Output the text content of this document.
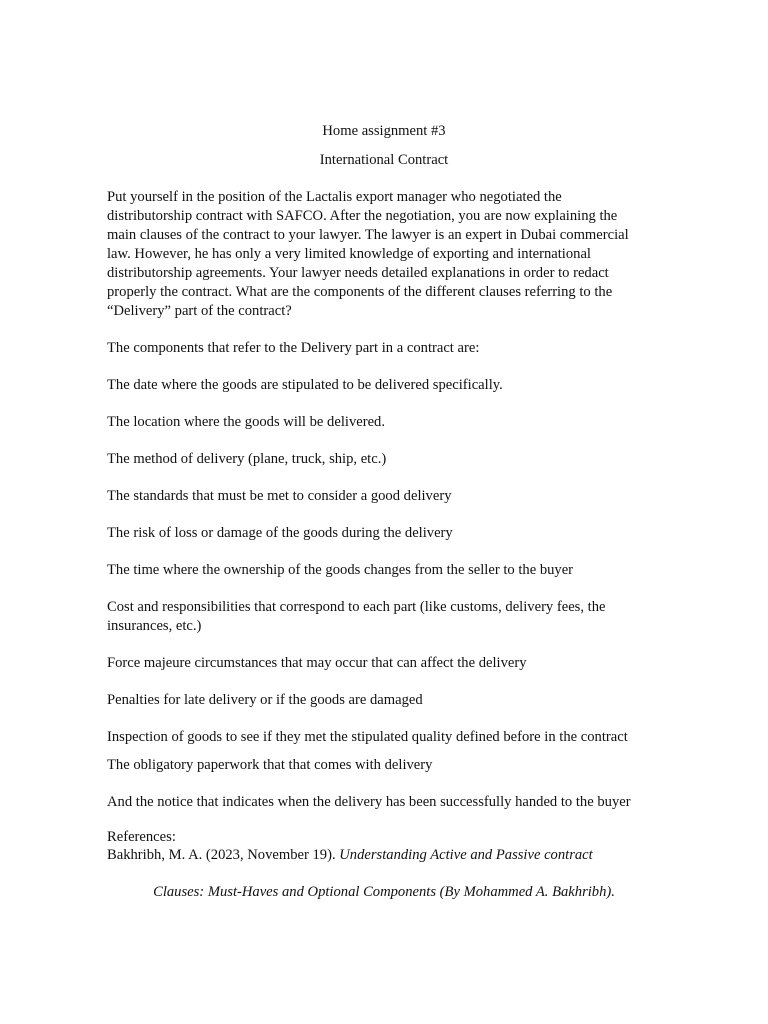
Home assignment #3
International Contract
Put yourself in the position of the Lactalis export manager who negotiated the
distributorship contract with SAFCO. After the negotiation, you are now explaining the
main clauses of the contract to your lawyer. The lawyer is an expert in Dubai commercial
law. However, he has only a very limited knowledge of exporting and international
distributorship agreements. Your lawyer needs detailed explanations in order to redact
properly the contract. What are the components of the different clauses referring to the
“Delivery” part of the contract?
The components that refer to the Delivery part in a contract are:
The date where the goods are stipulated to be delivered specifically.
The location where the goods will be delivered.
The method of delivery (plane, truck, ship, etc.)
The standards that must be met to consider a good delivery
The risk of loss or damage of the goods during the delivery
The time where the ownership of the goods changes from the seller to the buyer
Cost and responsibilities that correspond to each part (like customs, delivery fees, the
insurances, etc.)
Force majeure circumstances that may occur that can affect the delivery
Penalties for late delivery or if the goods are damaged
Inspection of goods to see if they met the stipulated quality defined before in the contract
The obligatory paperwork that that comes with delivery
And the notice that indicates when the delivery has been successfully handed to the buyer
References:
Bakhribh, M. A. (2023, November 19). Understanding Active and Passive contract
Clauses: Must-Haves and Optional Components (By Mohammed A. Bakhribh).
